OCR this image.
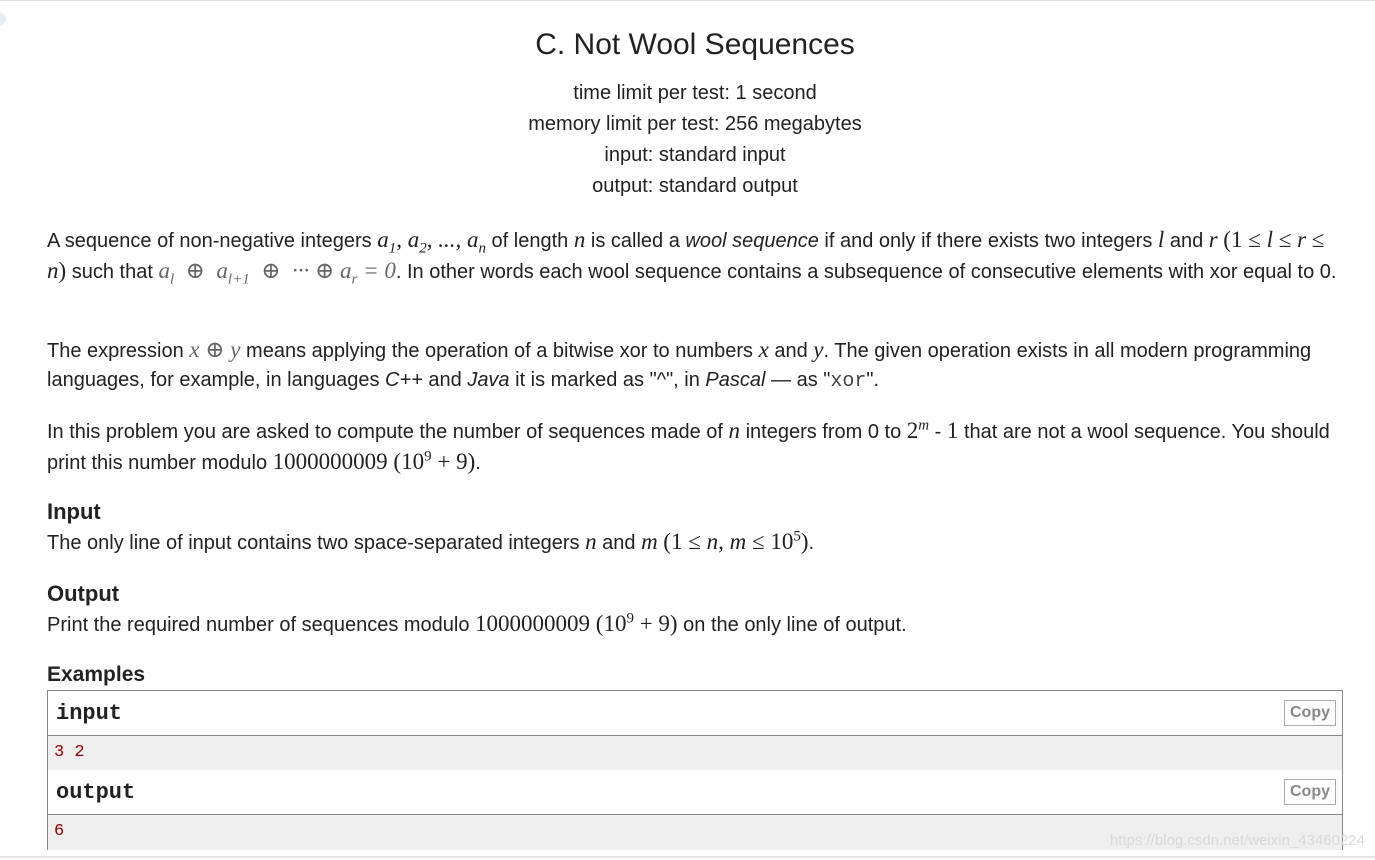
C. Not Wool Sequences
time limit per test: 1 second
memory limit per test: 256 megabytes
input: standard input
output: standard output
A sequence of non-negative integers $a_1$, $a_2$, ..., $a_n$ of length n is called a wool sequence if and only if there exists two integers l and r (1 ≤ l ≤ r ≤ n) such that $a_l$  ⊕  $a_{l+1}$  ⊕  ··· ⊕ $a_r = 0$. In other words each wool sequence contains a subsequence of consecutive elements with xor equal to 0.
The expression x ⊕ y means applying the operation of a bitwise xor to numbers x and y. The given operation exists in all modern programming languages, for example, in languages C++ and Java it is marked as "^", in Pascal — as "xor".
In this problem you are asked to compute the number of sequences made of n integers from 0 to 2$^m$ - 1 that are not a wool sequence. You should print this number modulo 1000000009 $(10^9 + 9)$.
Input
The only line of input contains two space-separated integers n and m (1 ≤ n, $m \le 10^5$).
Output
Print the required number of sequences modulo 1000000009 $(10^9 + 9)$ on the only line of output.
Examples
input	Copy
3 2
output	Copy
6	https://blog.csdn.net/weixin_43460224
